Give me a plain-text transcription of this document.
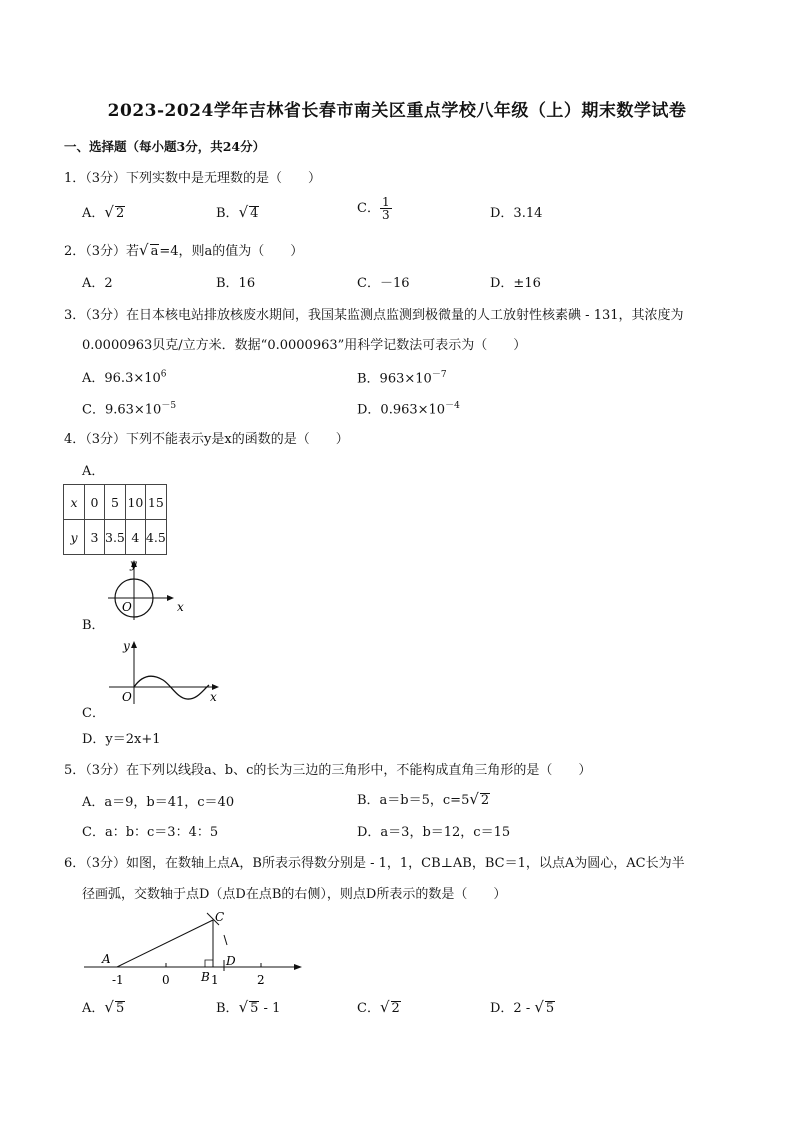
2023-2024学年吉林省长春市南关区重点学校八年级（上）期末数学试卷
一、选择题（每小题3分，共24分）
1．（3分）下列实数中是无理数的是（　　）
A．√ 2	B．√ 4	C． $\frac{1}{3}$	D．3.14
2．（3分）若√ a=4，则a的值为（　　）
A．2	B．16	C．－16	D．±16
3．（3分）在日本核电站排放核废水期间，我国某监测点监测到极微量的人工放射性核素碘 - 131，其浓度为
0.0000963贝克/立方米．数据“0.0000963”用科学记数法可表示为（　　）
A．$96.3\times 10^6$	B．$963\times 10^{-7}$
C．$9.63\times 10^{-5}$	D．$0.963\times 10^{-4}$
4．（3分）下列不能表示y是x的函数的是（　　）
A．
x	0	5	10	15
y	3	3.5	4	4.5
y
x
O
B．
y
x
O
C．
D．y＝2x+1
5．（3分）在下列以线段a、b、c的长为三边的三角形中，不能构成直角三角形的是（　　）
A．a＝9，b＝41，c＝40	B．a＝b＝5，c=5√ 2
C．a：b：c＝3：4：5	D．a＝3，b＝12，c＝15
6．（3分）如图，在数轴上点A，B所表示得数分别是 - 1，1，CB⊥AB，BC＝1，以点A为圆心，AC长为半
径画弧，交数轴于点D（点D在点B的右侧），则点D所表示的数是（　　）
A
C
B
D
-1	0	1	2
A．√ 5	B．√ 5 - 1	C．√ 2	D．2 - √ 5
